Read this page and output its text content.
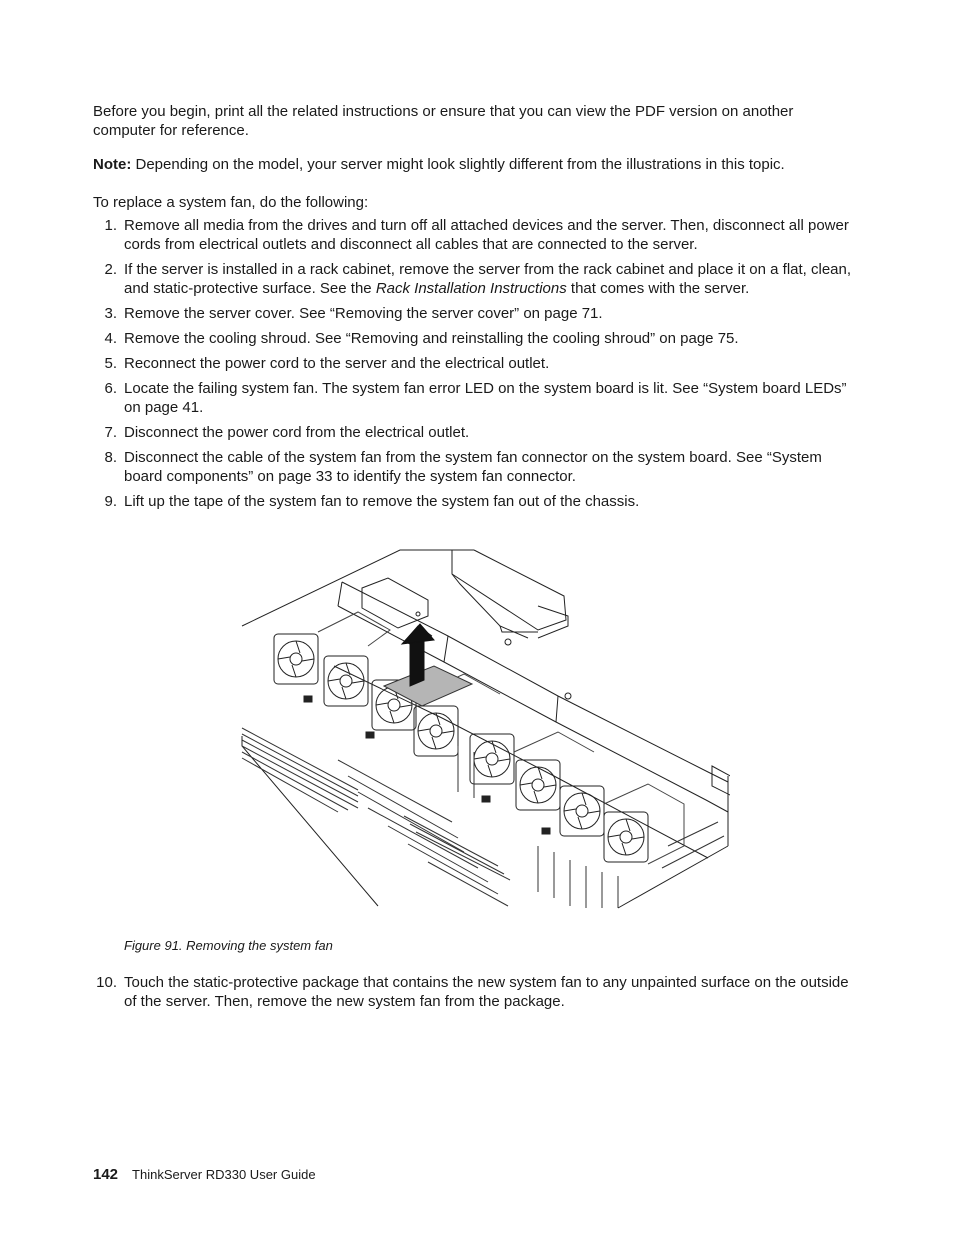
Before you begin, print all the related instructions or ensure that you can view the PDF version on another computer for reference.

Note: Depending on the model, your server might look slightly different from the illustrations in this topic.

To replace a system fan, do the following:

1. Remove all media from the drives and turn off all attached devices and the server. Then, disconnect all power cords from electrical outlets and disconnect all cables that are connected to the server.
2. If the server is installed in a rack cabinet, remove the server from the rack cabinet and place it on a flat, clean, and static-protective surface. See the Rack Installation Instructions that comes with the server.
3. Remove the server cover. See “Removing the server cover” on page 71.
4. Remove the cooling shroud. See “Removing and reinstalling the cooling shroud” on page 75.
5. Reconnect the power cord to the server and the electrical outlet.
6. Locate the failing system fan. The system fan error LED on the system board is lit. See “System board LEDs” on page 41.
7. Disconnect the power cord from the electrical outlet.
8. Disconnect the cable of the system fan from the system fan connector on the system board. See “System board components” on page 33 to identify the system fan connector.
9. Lift up the tape of the system fan to remove the system fan out of the chassis.
Figure 91. Removing the system fan
10. Touch the static-protective package that contains the new system fan to any unpainted surface on the outside of the server. Then, remove the new system fan from the package.
142 ThinkServer RD330 User Guide
